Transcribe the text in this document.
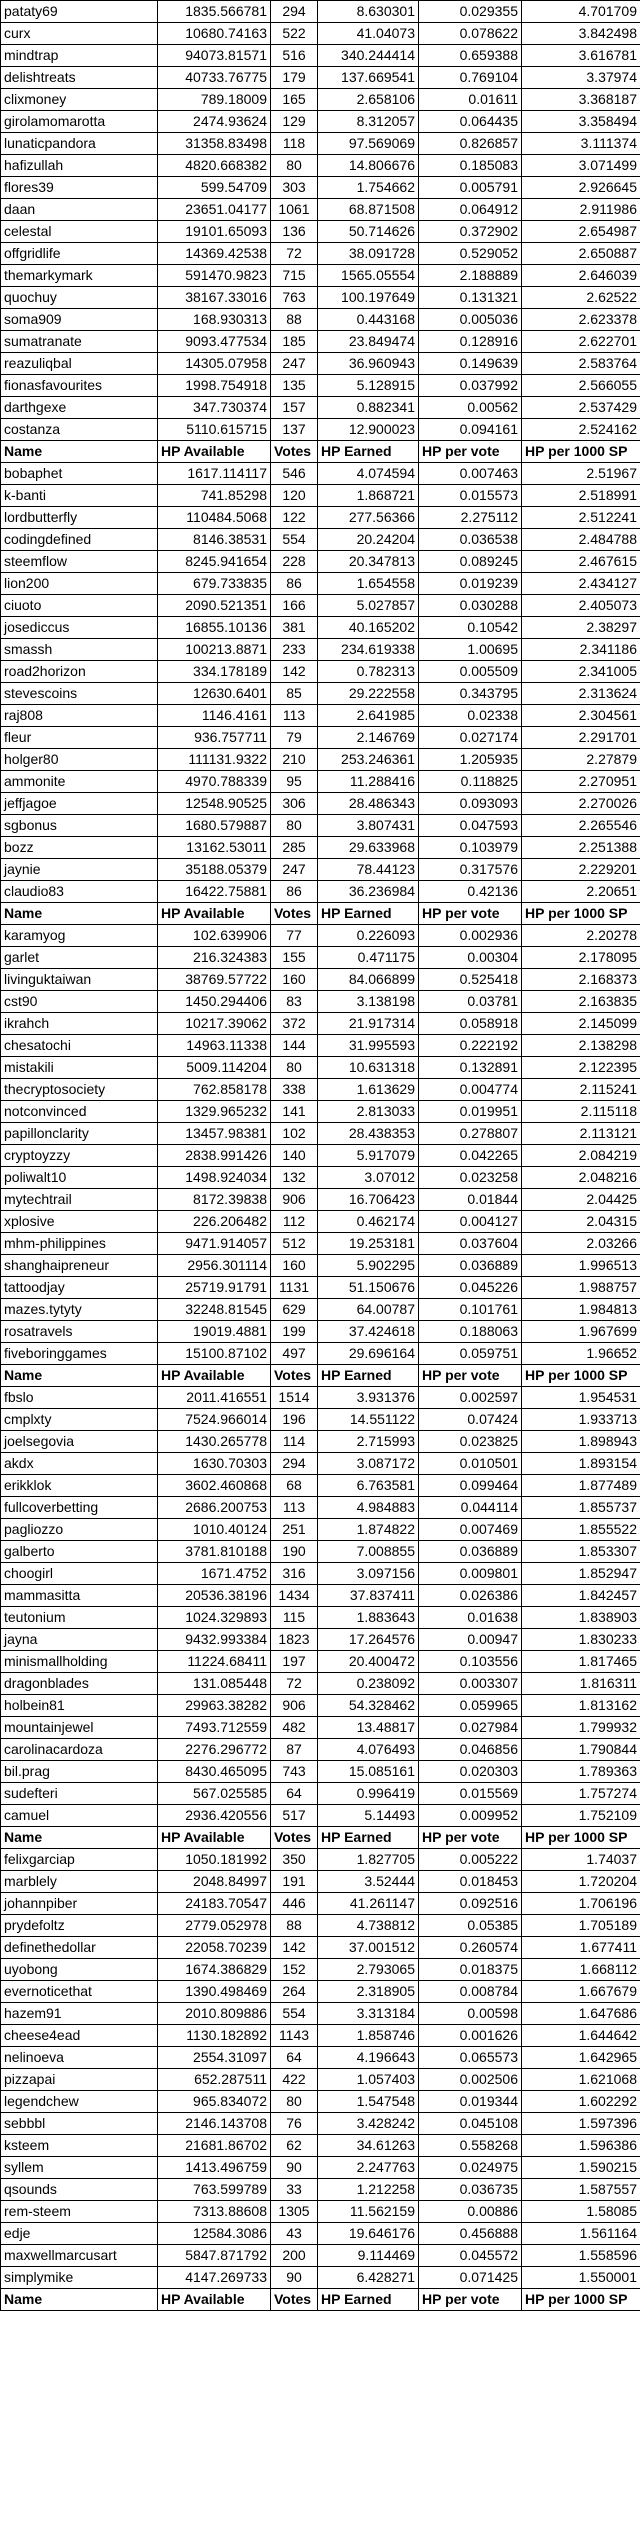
pataty69	1835.566781	294	8.630301	0.029355	4.701709
curx	10680.74163	522	41.04073	0.078622	3.842498
mindtrap	94073.81571	516	340.244414	0.659388	3.616781
delishtreats	40733.76775	179	137.669541	0.769104	3.37974
clixmoney	789.18009	165	2.658106	0.01611	3.368187
girolamomarotta	2474.93624	129	8.312057	0.064435	3.358494
lunaticpandora	31358.83498	118	97.569069	0.826857	3.111374
hafizullah	4820.668382	80	14.806676	0.185083	3.071499
flores39	599.54709	303	1.754662	0.005791	2.926645
daan	23651.04177	1061	68.871508	0.064912	2.911986
celestal	19101.65093	136	50.714626	0.372902	2.654987
offgridlife	14369.42538	72	38.091728	0.529052	2.650887
themarkymark	591470.9823	715	1565.05554	2.188889	2.646039
quochuy	38167.33016	763	100.197649	0.131321	2.62522
soma909	168.930313	88	0.443168	0.005036	2.623378
sumatranate	9093.477534	185	23.849474	0.128916	2.622701
reazuliqbal	14305.07958	247	36.960943	0.149639	2.583764
fionasfavourites	1998.754918	135	5.128915	0.037992	2.566055
darthgexe	347.730374	157	0.882341	0.00562	2.537429
costanza	5110.615715	137	12.900023	0.094161	2.524162
Name	HP Available	Votes	HP Earned	HP per vote	HP per 1000 SP
bobaphet	1617.114117	546	4.074594	0.007463	2.51967
k-banti	741.85298	120	1.868721	0.015573	2.518991
lordbutterfly	110484.5068	122	277.56366	2.275112	2.512241
codingdefined	8146.38531	554	20.24204	0.036538	2.484788
steemflow	8245.941654	228	20.347813	0.089245	2.467615
lion200	679.733835	86	1.654558	0.019239	2.434127
ciuoto	2090.521351	166	5.027857	0.030288	2.405073
josediccus	16855.10136	381	40.165202	0.10542	2.38297
smassh	100213.8871	233	234.619338	1.00695	2.341186
road2horizon	334.178189	142	0.782313	0.005509	2.341005
stevescoins	12630.6401	85	29.222558	0.343795	2.313624
raj808	1146.4161	113	2.641985	0.02338	2.304561
fleur	936.757711	79	2.146769	0.027174	2.291701
holger80	111131.9322	210	253.246361	1.205935	2.27879
ammonite	4970.788339	95	11.288416	0.118825	2.270951
jeffjagoe	12548.90525	306	28.486343	0.093093	2.270026
sgbonus	1680.579887	80	3.807431	0.047593	2.265546
bozz	13162.53011	285	29.633968	0.103979	2.251388
jaynie	35188.05379	247	78.44123	0.317576	2.229201
claudio83	16422.75881	86	36.236984	0.42136	2.20651
Name	HP Available	Votes	HP Earned	HP per vote	HP per 1000 SP
karamyog	102.639906	77	0.226093	0.002936	2.20278
garlet	216.324383	155	0.471175	0.00304	2.178095
livinguktaiwan	38769.57722	160	84.066899	0.525418	2.168373
cst90	1450.294406	83	3.138198	0.03781	2.163835
ikrahch	10217.39062	372	21.917314	0.058918	2.145099
chesatochi	14963.11338	144	31.995593	0.222192	2.138298
mistakili	5009.114204	80	10.631318	0.132891	2.122395
thecryptosociety	762.858178	338	1.613629	0.004774	2.115241
notconvinced	1329.965232	141	2.813033	0.019951	2.115118
papillonclarity	13457.98381	102	28.438353	0.278807	2.113121
cryptoyzzy	2838.991426	140	5.917079	0.042265	2.084219
poliwalt10	1498.924034	132	3.07012	0.023258	2.048216
mytechtrail	8172.39838	906	16.706423	0.01844	2.04425
xplosive	226.206482	112	0.462174	0.004127	2.04315
mhm-philippines	9471.914057	512	19.253181	0.037604	2.03266
shanghaipreneur	2956.301114	160	5.902295	0.036889	1.996513
tattoodjay	25719.91791	1131	51.150676	0.045226	1.988757
mazes.tytyty	32248.81545	629	64.00787	0.101761	1.984813
rosatravels	19019.4881	199	37.424618	0.188063	1.967699
fiveboringgames	15100.87102	497	29.696164	0.059751	1.96652
Name	HP Available	Votes	HP Earned	HP per vote	HP per 1000 SP
fbslo	2011.416551	1514	3.931376	0.002597	1.954531
cmplxty	7524.966014	196	14.551122	0.07424	1.933713
joelsegovia	1430.265778	114	2.715993	0.023825	1.898943
akdx	1630.70303	294	3.087172	0.010501	1.893154
erikklok	3602.460868	68	6.763581	0.099464	1.877489
fullcoverbetting	2686.200753	113	4.984883	0.044114	1.855737
pagliozzo	1010.40124	251	1.874822	0.007469	1.855522
galberto	3781.810188	190	7.008855	0.036889	1.853307
choogirl	1671.4752	316	3.097156	0.009801	1.852947
mammasitta	20536.38196	1434	37.837411	0.026386	1.842457
teutonium	1024.329893	115	1.883643	0.01638	1.838903
jayna	9432.993384	1823	17.264576	0.00947	1.830233
minismallholding	11224.68411	197	20.400472	0.103556	1.817465
dragonblades	131.085448	72	0.238092	0.003307	1.816311
holbein81	29963.38282	906	54.328462	0.059965	1.813162
mountainjewel	7493.712559	482	13.48817	0.027984	1.799932
carolinacardoza	2276.296772	87	4.076493	0.046856	1.790844
bil.prag	8430.465095	743	15.085161	0.020303	1.789363
sudefteri	567.025585	64	0.996419	0.015569	1.757274
camuel	2936.420556	517	5.14493	0.009952	1.752109
Name	HP Available	Votes	HP Earned	HP per vote	HP per 1000 SP
felixgarciap	1050.181992	350	1.827705	0.005222	1.74037
marblely	2048.84997	191	3.52444	0.018453	1.720204
johannpiber	24183.70547	446	41.261147	0.092516	1.706196
prydefoltz	2779.052978	88	4.738812	0.05385	1.705189
definethedollar	22058.70239	142	37.001512	0.260574	1.677411
uyobong	1674.386829	152	2.793065	0.018375	1.668112
evernoticethat	1390.498469	264	2.318905	0.008784	1.667679
hazem91	2010.809886	554	3.313184	0.00598	1.647686
cheese4ead	1130.182892	1143	1.858746	0.001626	1.644642
nelinoeva	2554.31097	64	4.196643	0.065573	1.642965
pizzapai	652.287511	422	1.057403	0.002506	1.621068
legendchew	965.834072	80	1.547548	0.019344	1.602292
sebbbl	2146.143708	76	3.428242	0.045108	1.597396
ksteem	21681.86702	62	34.61263	0.558268	1.596386
syllem	1413.496759	90	2.247763	0.024975	1.590215
qsounds	763.599789	33	1.212258	0.036735	1.587557
rem-steem	7313.88608	1305	11.562159	0.00886	1.58085
edje	12584.3086	43	19.646176	0.456888	1.561164
maxwellmarcusart	5847.871792	200	9.114469	0.045572	1.558596
simplymike	4147.269733	90	6.428271	0.071425	1.550001
Name	HP Available	Votes	HP Earned	HP per vote	HP per 1000 SP
